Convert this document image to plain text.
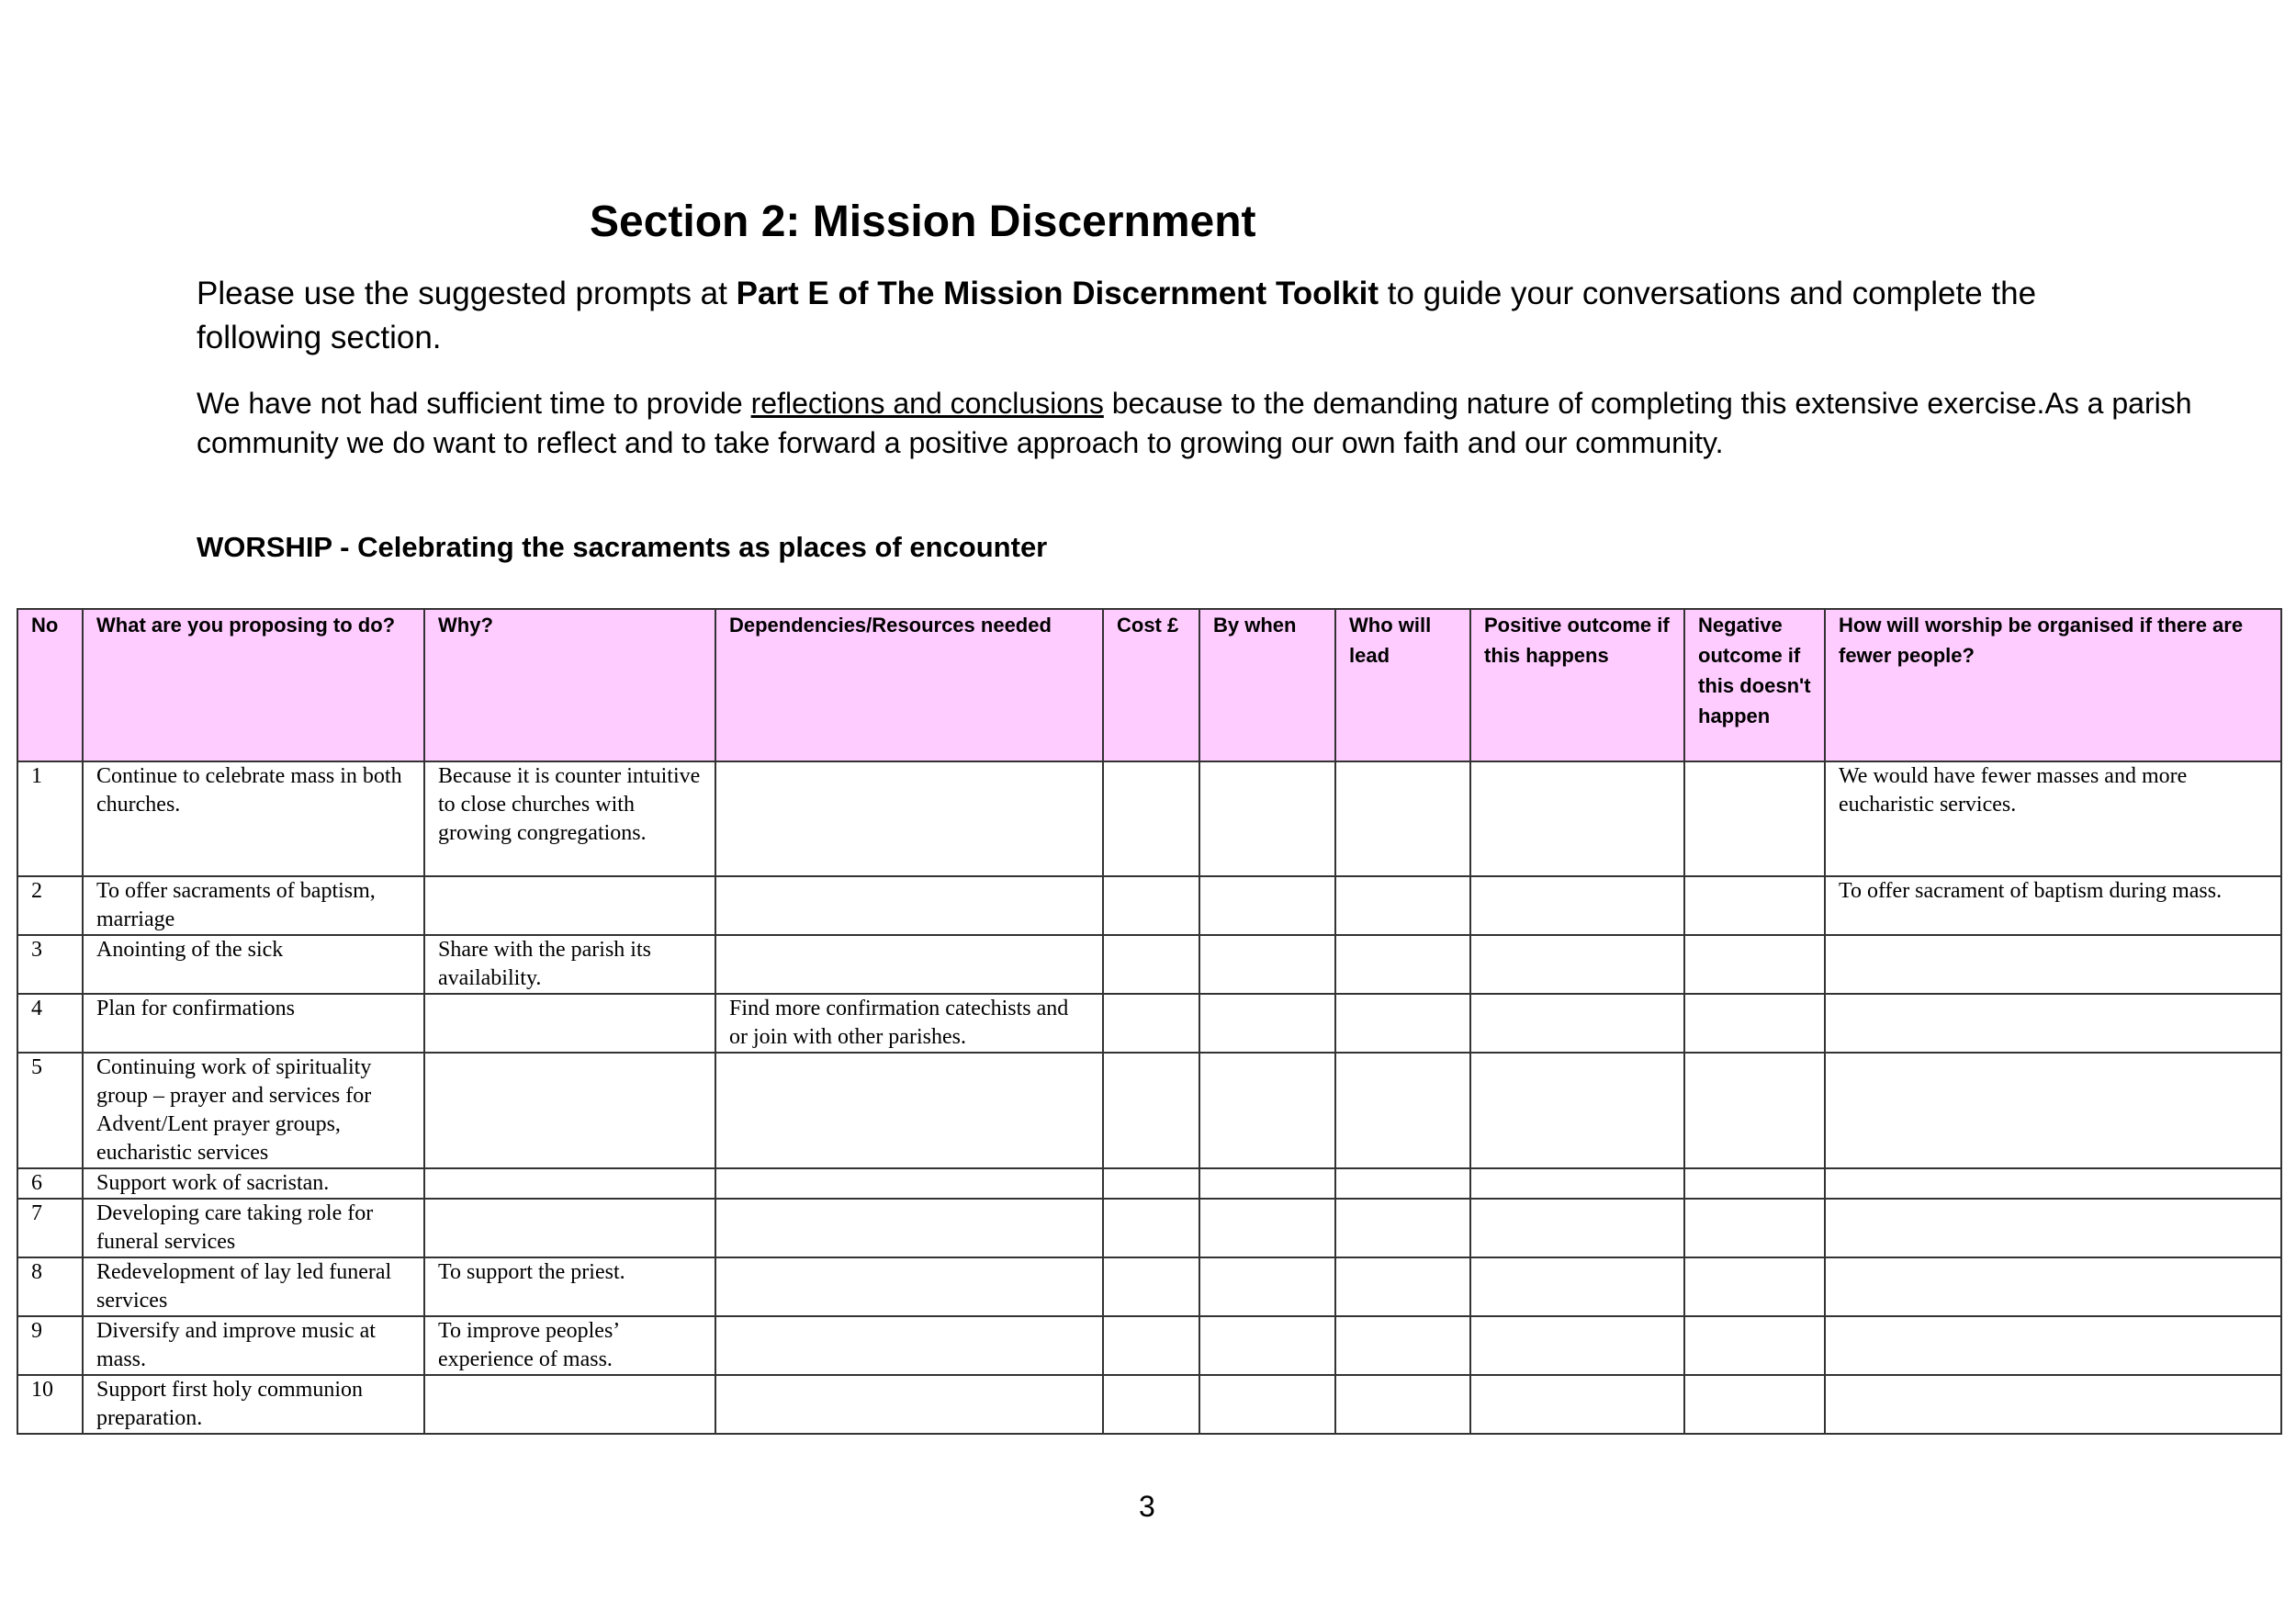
Section 2: Mission Discernment

Please use the suggested prompts at Part E of The Mission Discernment Toolkit to guide your conversations and complete the following section.

We have not had sufficient time to provide reflections and conclusions because to the demanding nature of completing this extensive exercise.As a parish community we do want to reflect and to take forward a positive approach to growing our own faith and our community.

WORSHIP - Celebrating the sacraments as places of encounter
No	What are you proposing to do?	Why?	Dependencies/Resources needed	Cost £	By when	Who will lead	Positive outcome if this happens	Negative outcome if this doesn't happen	How will worship be organised if there are fewer people?
1	Continue to celebrate mass in both churches.	Because it is counter intuitive to close churches with growing congregations.							We would have fewer masses and more eucharistic services.
2	To offer sacraments of baptism, marriage								To offer sacrament of baptism during mass.
3	Anointing of the sick	Share with the parish its availability.							
4	Plan for confirmations		Find more confirmation catechists and or join with other parishes.						
5	Continuing work of spirituality group – prayer and services for Advent/Lent prayer groups, eucharistic services								
6	Support work of sacristan.								
7	Developing care taking role for funeral services								
8	Redevelopment of lay led funeral services	To support the priest.							
9	Diversify and improve music at mass.	To improve peoples’ experience of mass.							
10	Support first holy communion preparation.								

3
